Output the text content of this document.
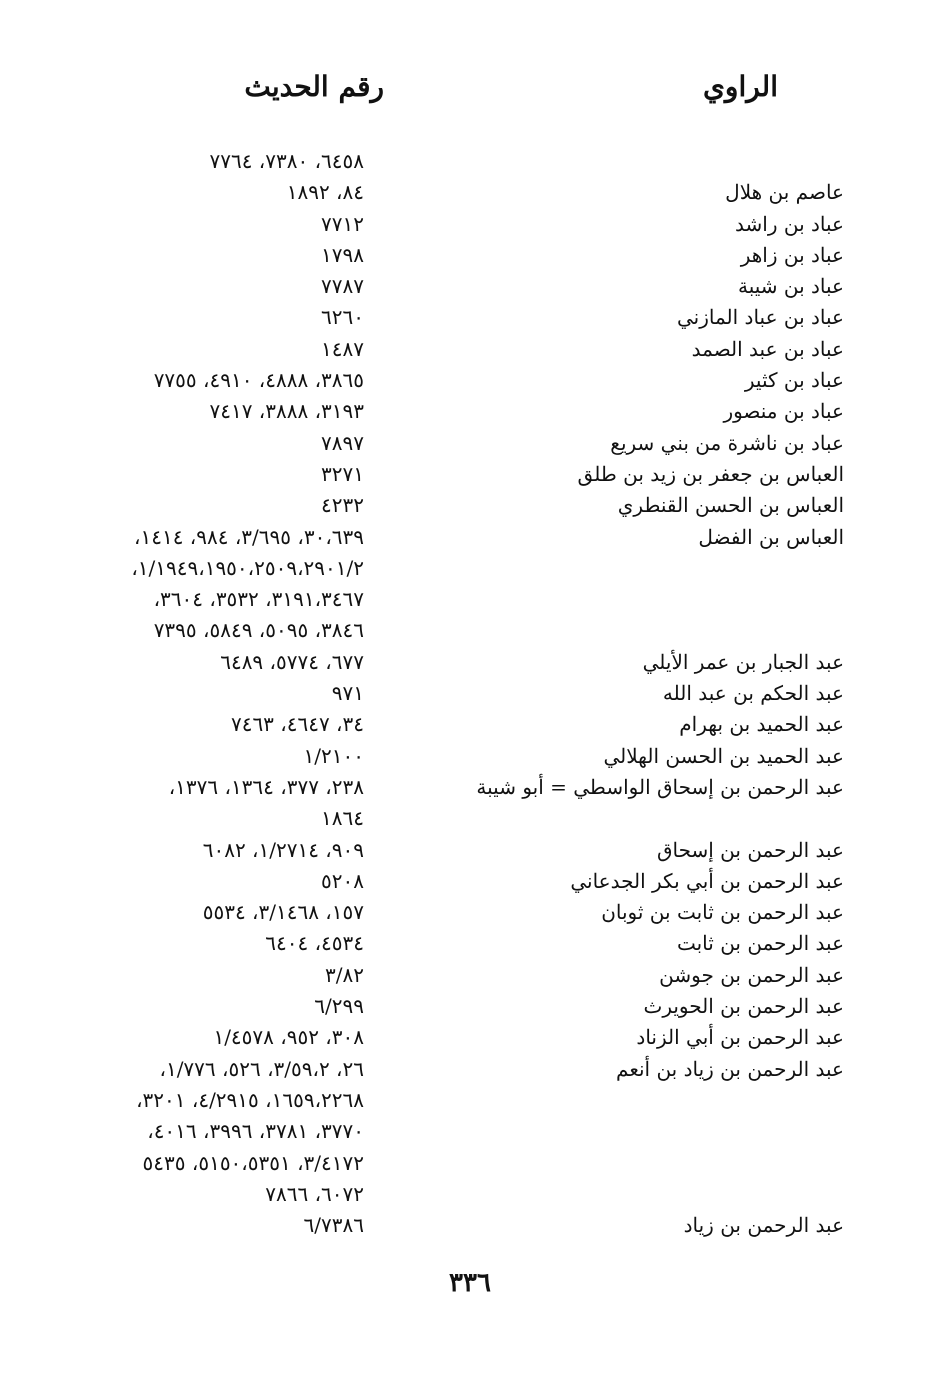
الراوي
رقم الحديث
عاصم بن هلال
عباد بن راشد
عباد بن زاهر
عباد بن شيبة
عباد بن عباد المازني
عباد بن عبد الصمد
عباد بن كثير
عباد بن منصور
عباد بن ناشرة من بني سريع
العباس بن جعفر بن زيد بن طلق
العباس بن الحسن القنطري
العباس بن الفضل
عبد الجبار بن عمر الأيلي
عبد الحكم بن عبد الله
عبد الحميد بن بهرام
عبد الحميد بن الحسن الهلالي
عبد الرحمن بن إسحاق الواسطي = أبو شيبة
عبد الرحمن بن إسحاق
عبد الرحمن بن أبي بكر الجدعاني
عبد الرحمن بن ثابت بن ثوبان
عبد الرحمن بن ثابت
عبد الرحمن بن جوشن
عبد الرحمن بن الحويرث
عبد الرحمن بن أبي الزناد
عبد الرحمن بن زياد بن أنعم
عبد الرحمن بن زياد
٦٤٥٨، ٧٣٨٠، ٧٧٦٤
٨٤، ١٨٩٢
٧٧١٢
١٧٩٨
٧٧٨٧
٦٢٦٠
١٤٨٧
٣٨٦٥، ٤٨٨٨، ٤٩١٠، ٧٧٥٥
٣١٩٣، ٣٨٨٨، ٧٤١٧
٧٨٩٧
٣٢٧١
٤٢٣٢
٣٠،٦٣٩، ٣/٦٩٥، ٩٨٤، ١٤١٤،
١/١٩٤٩،١٩٥٠،٢٥٠٩،٢٩٠١/٢،
٣١٩١،٣٤٦٧، ٣٥٣٢، ٣٦٠٤،
٣٨٤٦، ٥٠٩٥، ٥٨٤٩، ٧٣٩٥
٦٧٧، ٥٧٧٤، ٦٤٨٩
٩٧١
٣٤، ٤٦٤٧، ٧٤٦٣
١/٢١٠٠
٢٣٨، ٣٧٧، ١٣٦٤، ١٣٧٦،
١٨٦٤
٩٠٩، ١/٢٧١٤، ٦٠٨٢
٥٢٠٨
١٥٧، ٣/١٤٦٨، ٥٥٣٤
٤٥٣٤، ٦٤٠٤
٣/٨٢
٦/٢٩٩
٣٠٨، ٩٥٢، ١/٤٥٧٨
٢٦، ٣/٥٩،٢، ٥٢٦، ١/٧٧٦،
١٦٥٩،٢٢٦٨، ٤/٢٩١٥، ٣٢٠١،
٣٧٧٠، ٣٧٨١، ٣٩٩٦، ٤٠١٦،
٣/٤١٧٢، ٥١٥٠،٥٣٥١، ٥٤٣٥
٦٠٧٢، ٧٨٦٦
٦/٧٣٨٦
٣٣٦
